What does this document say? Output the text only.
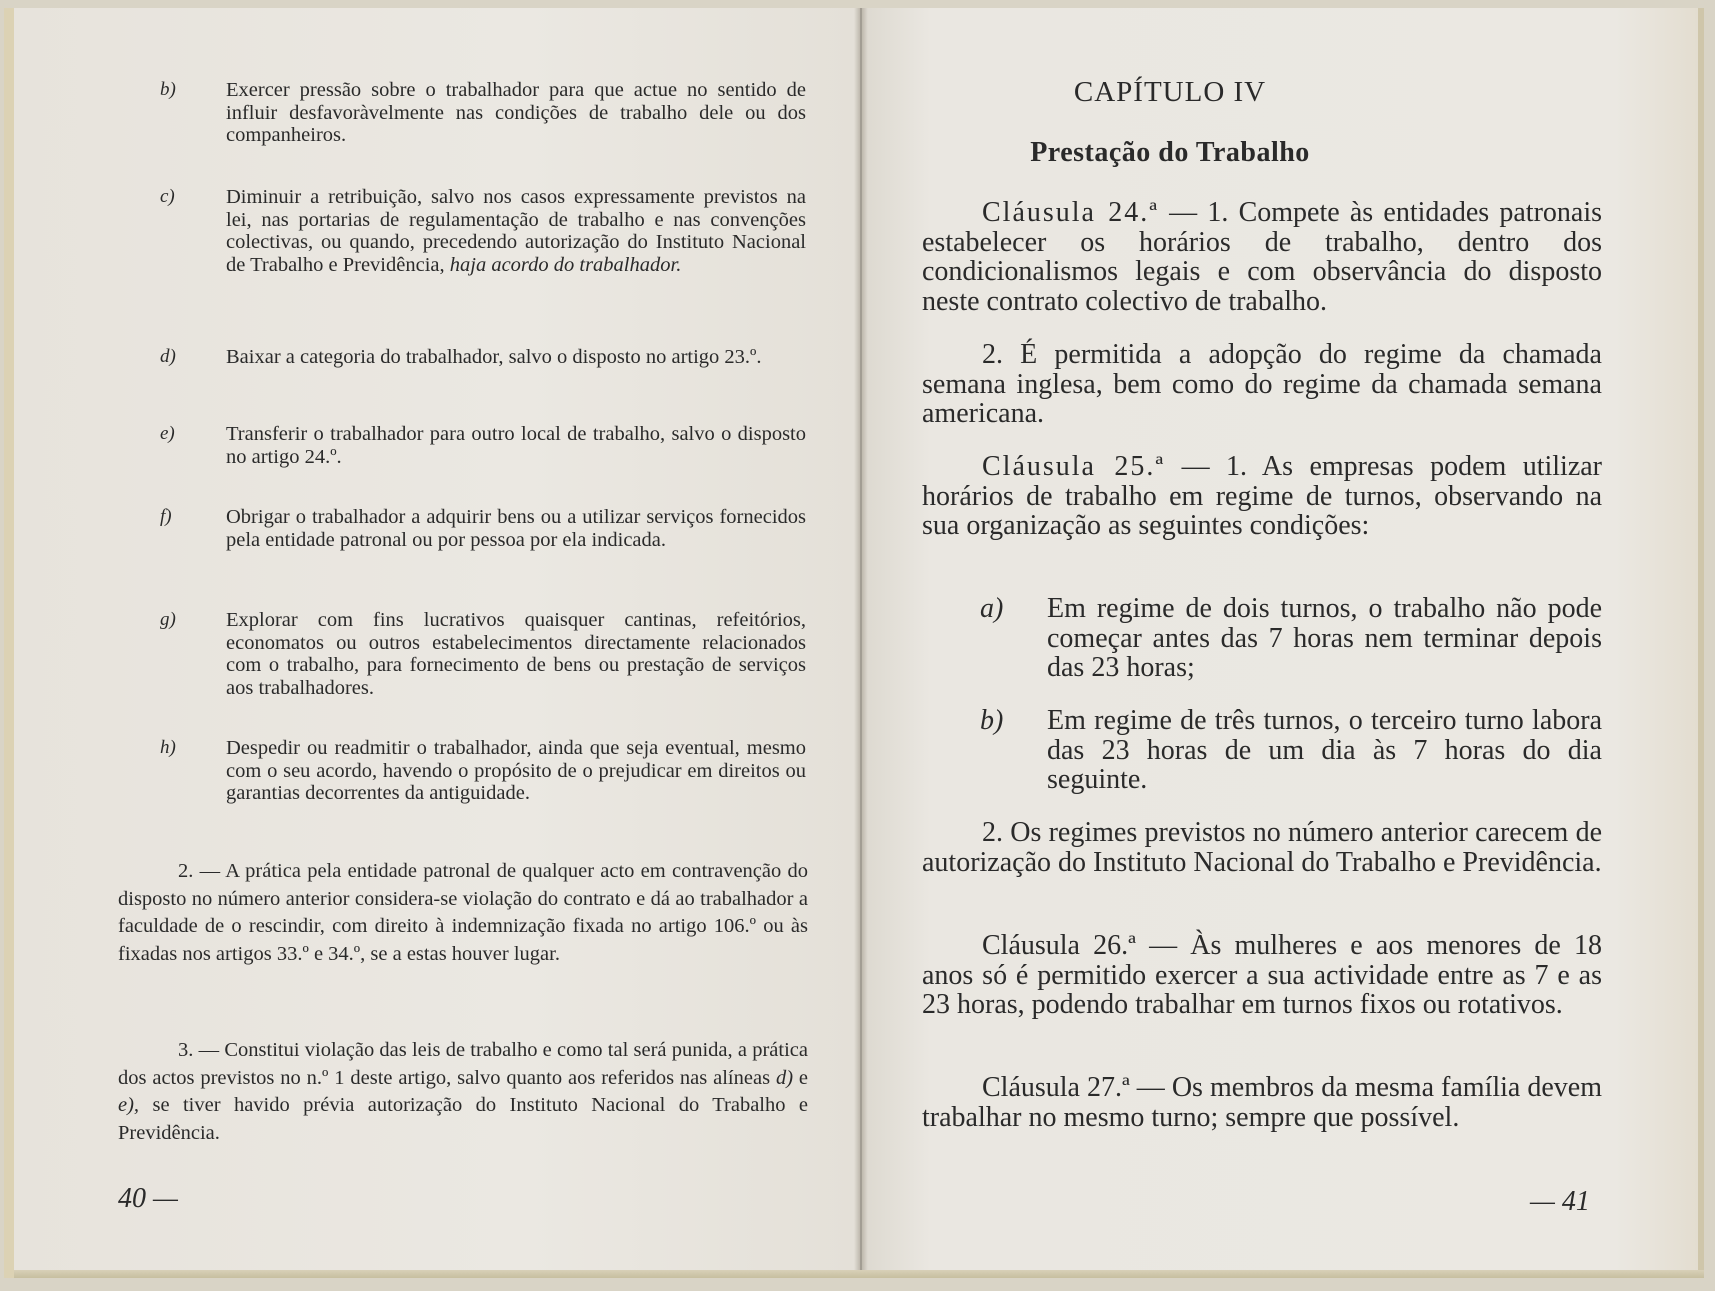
b) Exercer pressão sobre o trabalhador para que actue no sentido de influir desfavoràvelmente nas condições de trabalho dele ou dos companheiros.
c) Diminuir a retribuição, salvo nos casos expressamente previstos na lei, nas portarias de regulamentação de trabalho e nas convenções colectivas, ou quando, precedendo autorização do Instituto Nacional de Trabalho e Previdência, haja acordo do trabalhador.
d) Baixar a categoria do trabalhador, salvo o disposto no artigo 23.º.
e) Transferir o trabalhador para outro local de trabalho, salvo o disposto no artigo 24.º.
f)	Obrigar o trabalhador a adquirir bens ou a utilizar serviços fornecidos pela entidade patronal ou por pessoa por ela indicada.
g) Explorar com fins lucrativos quaisquer cantinas, refeitórios, economatos ou outros estabelecimentos directamente relacionados com o trabalho, para fornecimento de bens ou prestação de serviços aos trabalhadores.
h) Despedir ou readmitir o trabalhador, ainda que seja eventual, mesmo com o seu acordo, havendo o propósito de o prejudicar em direitos ou garantias decorrentes da antiguidade.
2. — A prática pela entidade patronal de qualquer acto em contravenção do disposto no número anterior considera-se violação do contrato e dá ao trabalhador a faculdade de o rescindir, com direito à indemnização fixada no artigo 106.º ou às fixadas nos artigos 33.º e 34.º, se a estas houver lugar.
3. — Constitui violação das leis de trabalho e como tal será punida, a prática dos actos previstos no n.º 1 deste artigo, salvo quanto aos referidos nas alíneas d) e e), se tiver havido prévia autorização do Instituto Nacional do Trabalho e Previdência.
40 —
CAPÍTULO IV
Prestação do Trabalho
Cláusula 24.ª — 1. Compete às entidades patronais estabelecer os horários de trabalho, dentro dos condicionalismos legais e com observância do disposto neste contrato colectivo de trabalho.
2. É permitida a adopção do regime da chamada semana inglesa, bem como do regime da chamada semana americana.
Cláusula 25.ª — 1. As empresas podem utilizar horários de trabalho em regime de turnos, observando na sua organização as seguintes condições:
a) Em regime de dois turnos, o trabalho não pode começar antes das 7 horas nem terminar depois das 23 horas;
b) Em regime de três turnos, o terceiro turno labora das 23 horas de um dia às 7 horas do dia seguinte.
2. Os regimes previstos no número anterior carecem de autorização do Instituto Nacional do Trabalho e Previdência.
Cláusula 26.ª — Às mulheres e aos menores de 18 anos só é permitido exercer a sua actividade entre as 7 e as 23 horas, podendo trabalhar em turnos fixos ou rotativos.
Cláusula 27.ª — Os membros da mesma família devem trabalhar no mesmo turno; sempre que possível.
— 41
